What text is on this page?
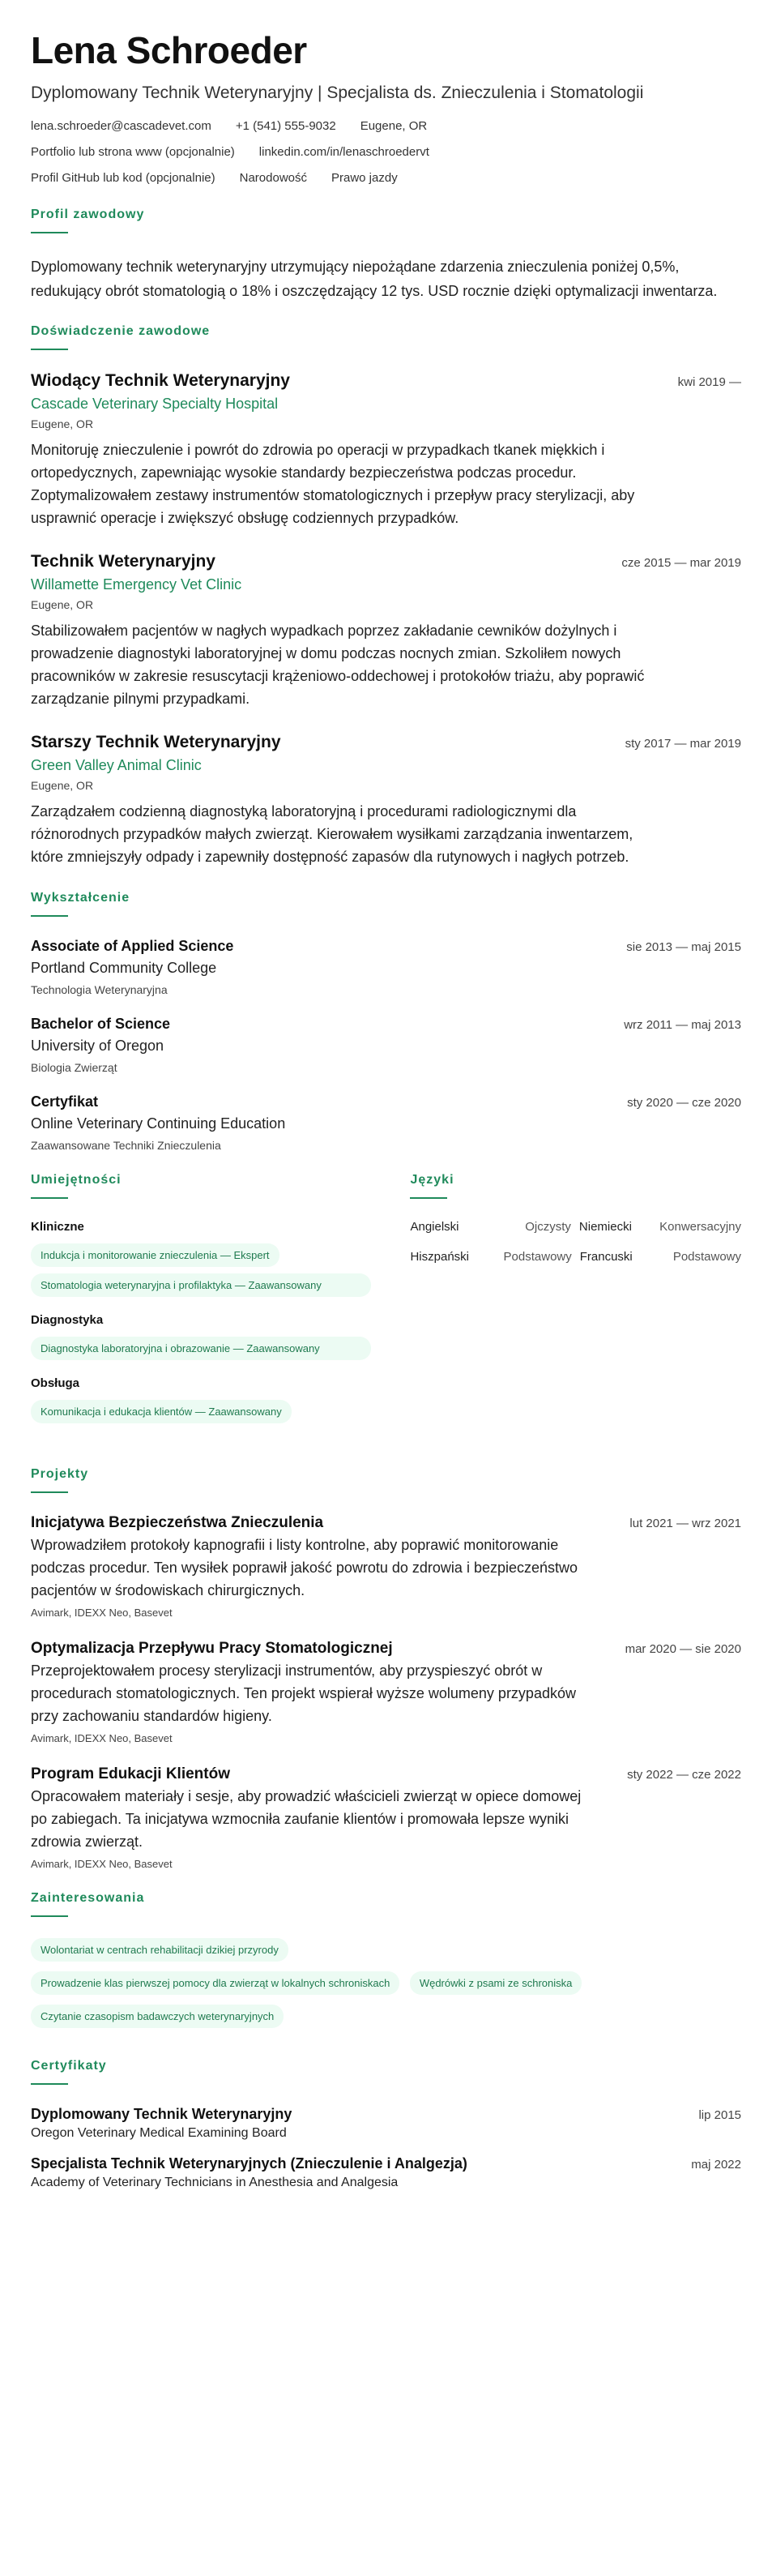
Lena Schroeder
Dyplomowany Technik Weterynaryjny | Specjalista ds. Znieczulenia i Stomatologii
lena.schroeder@cascadevet.com +1 (541) 555-9032 Eugene, OR
Portfolio lub strona www (opcjonalnie) linkedin.com/in/lenaschroedervt
Profil GitHub lub kod (opcjonalnie) Narodowość Prawo jazdy
Profil zawodowy

Dyplomowany technik weterynaryjny utrzymujący niepożądane zdarzenia znieczulenia poniżej 0,5%, redukujący obrót stomatologią o 18% i oszczędzający 12 tys. USD rocznie dzięki optymalizacji inwentarza.

Doświadczenie zawodowe
Wiodący Technik Weterynaryjny	kwi 2019 —
Cascade Veterinary Specialty Hospital
Eugene, OR

Monitoruję znieczulenie i powrót do zdrowia po operacji w przypadkach tkanek miękkich i ortopedycznych, zapewniając wysokie standardy bezpieczeństwa podczas procedur. Zoptymalizowałem zestawy instrumentów stomatologicznych i przepływ pracy sterylizacji, aby usprawnić operacje i zwiększyć obsługę codziennych przypadków.

Technik Weterynaryjny	cze 2015 — mar 2019
Willamette Emergency Vet Clinic
Eugene, OR

Stabilizowałem pacjentów w nagłych wypadkach poprzez zakładanie cewników dożylnych i prowadzenie diagnostyki laboratoryjnej w domu podczas nocnych zmian. Szkoliłem nowych pracowników w zakresie resuscytacji krążeniowo-oddechowej i protokołów triażu, aby poprawić zarządzanie pilnymi przypadkami.

Starszy Technik Weterynaryjny	sty 2017 — mar 2019
Green Valley Animal Clinic
Eugene, OR

Zarządzałem codzienną diagnostyką laboratoryjną i procedurami radiologicznymi dla różnorodnych przypadków małych zwierząt. Kierowałem wysiłkami zarządzania inwentarzem, które zmniejszyły odpady i zapewniły dostępność zapasów dla rutynowych i nagłych potrzeb.

Wykształcenie
Associate of Applied Science	sie 2013 — maj 2015
Portland Community College
Technologia Weterynaryjna
Bachelor of Science	wrz 2011 — maj 2013
University of Oregon
Biologia Zwierząt
Certyfikat	sty 2020 — cze 2020
Online Veterinary Continuing Education
Zaawansowane Techniki Znieczulenia
Umiejętności
Kliniczne
Indukcja i monitorowanie znieczulenia — Ekspert
Stomatologia weterynaryjna i profilaktyka — Zaawansowany
Diagnostyka
Diagnostyka laboratoryjna i obrazowanie — Zaawansowany
Obsługa
Komunikacja i edukacja klientów — Zaawansowany
Języki
Angielski	Ojczysty Niemiecki	Konwersacyjny
Hiszpański	Podstawowy Francuski	Podstawowy
Projekty
Inicjatywa Bezpieczeństwa Znieczulenia	lut 2021 — wrz 2021

Wprowadziłem protokoły kapnografii i listy kontrolne, aby poprawić monitorowanie podczas procedur. Ten wysiłek poprawił jakość powrotu do zdrowia i bezpieczeństwo pacjentów w środowiskach chirurgicznych.

Avimark, IDEXX Neo, Basevet
Optymalizacja Przepływu Pracy Stomatologicznej	mar 2020 — sie 2020

Przeprojektowałem procesy sterylizacji instrumentów, aby przyspieszyć obrót w procedurach stomatologicznych. Ten projekt wspierał wyższe wolumeny przypadków przy zachowaniu standardów higieny.

Avimark, IDEXX Neo, Basevet
Program Edukacji Klientów	sty 2022 — cze 2022

Opracowałem materiały i sesje, aby prowadzić właścicieli zwierząt w opiece domowej po zabiegach. Ta inicjatywa wzmocniła zaufanie klientów i promowała lepsze wyniki zdrowia zwierząt.

Avimark, IDEXX Neo, Basevet
Zainteresowania
Wolontariat w centrach rehabilitacji dzikiej przyrody
Prowadzenie klas pierwszej pomocy dla zwierząt w lokalnych schroniskach	Wędrówki z psami ze schroniska
Czytanie czasopism badawczych weterynaryjnych
Certyfikaty
Dyplomowany Technik Weterynaryjny	lip 2015
Oregon Veterinary Medical Examining Board
Specjalista Technik Weterynaryjnych (Znieczulenie i Analgezja)	maj 2022
Academy of Veterinary Technicians in Anesthesia and Analgesia
